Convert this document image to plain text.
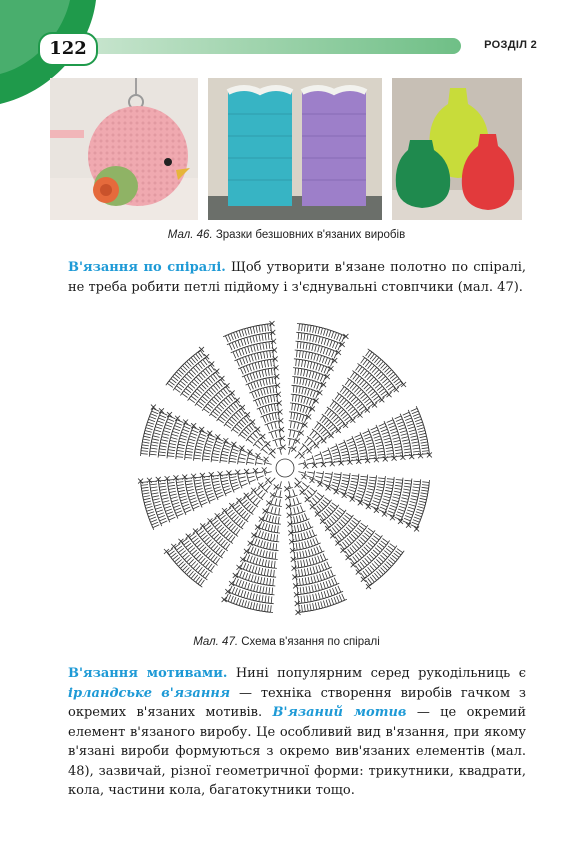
122	РОЗДІЛ 2
Мал. 46. Зразки безшовних в'язаних виробів

В'язання по спіралі. Щоб утворити в'язане полотно по спіралі, не треба робити петлі підйому і з'єднувальні стовпчики (мал. 47).

Мал. 47. Схема в'язання по спіралі

В'язання мотивами. Нині популярним серед рукодільниць є ірландське в'язання — техніка створення виробів гачком з окремих в'язаних мотивів. В'язаний мотив — це окремий елемент в'язаного виробу. Це особливий вид в'язання, при якому в'язані вироби формуються з окремо вив'язаних елементів (мал. 48), зазвичай, різної геометричної форми: трикутники, квадрати, кола, частини кола, багатокутники тощо.
